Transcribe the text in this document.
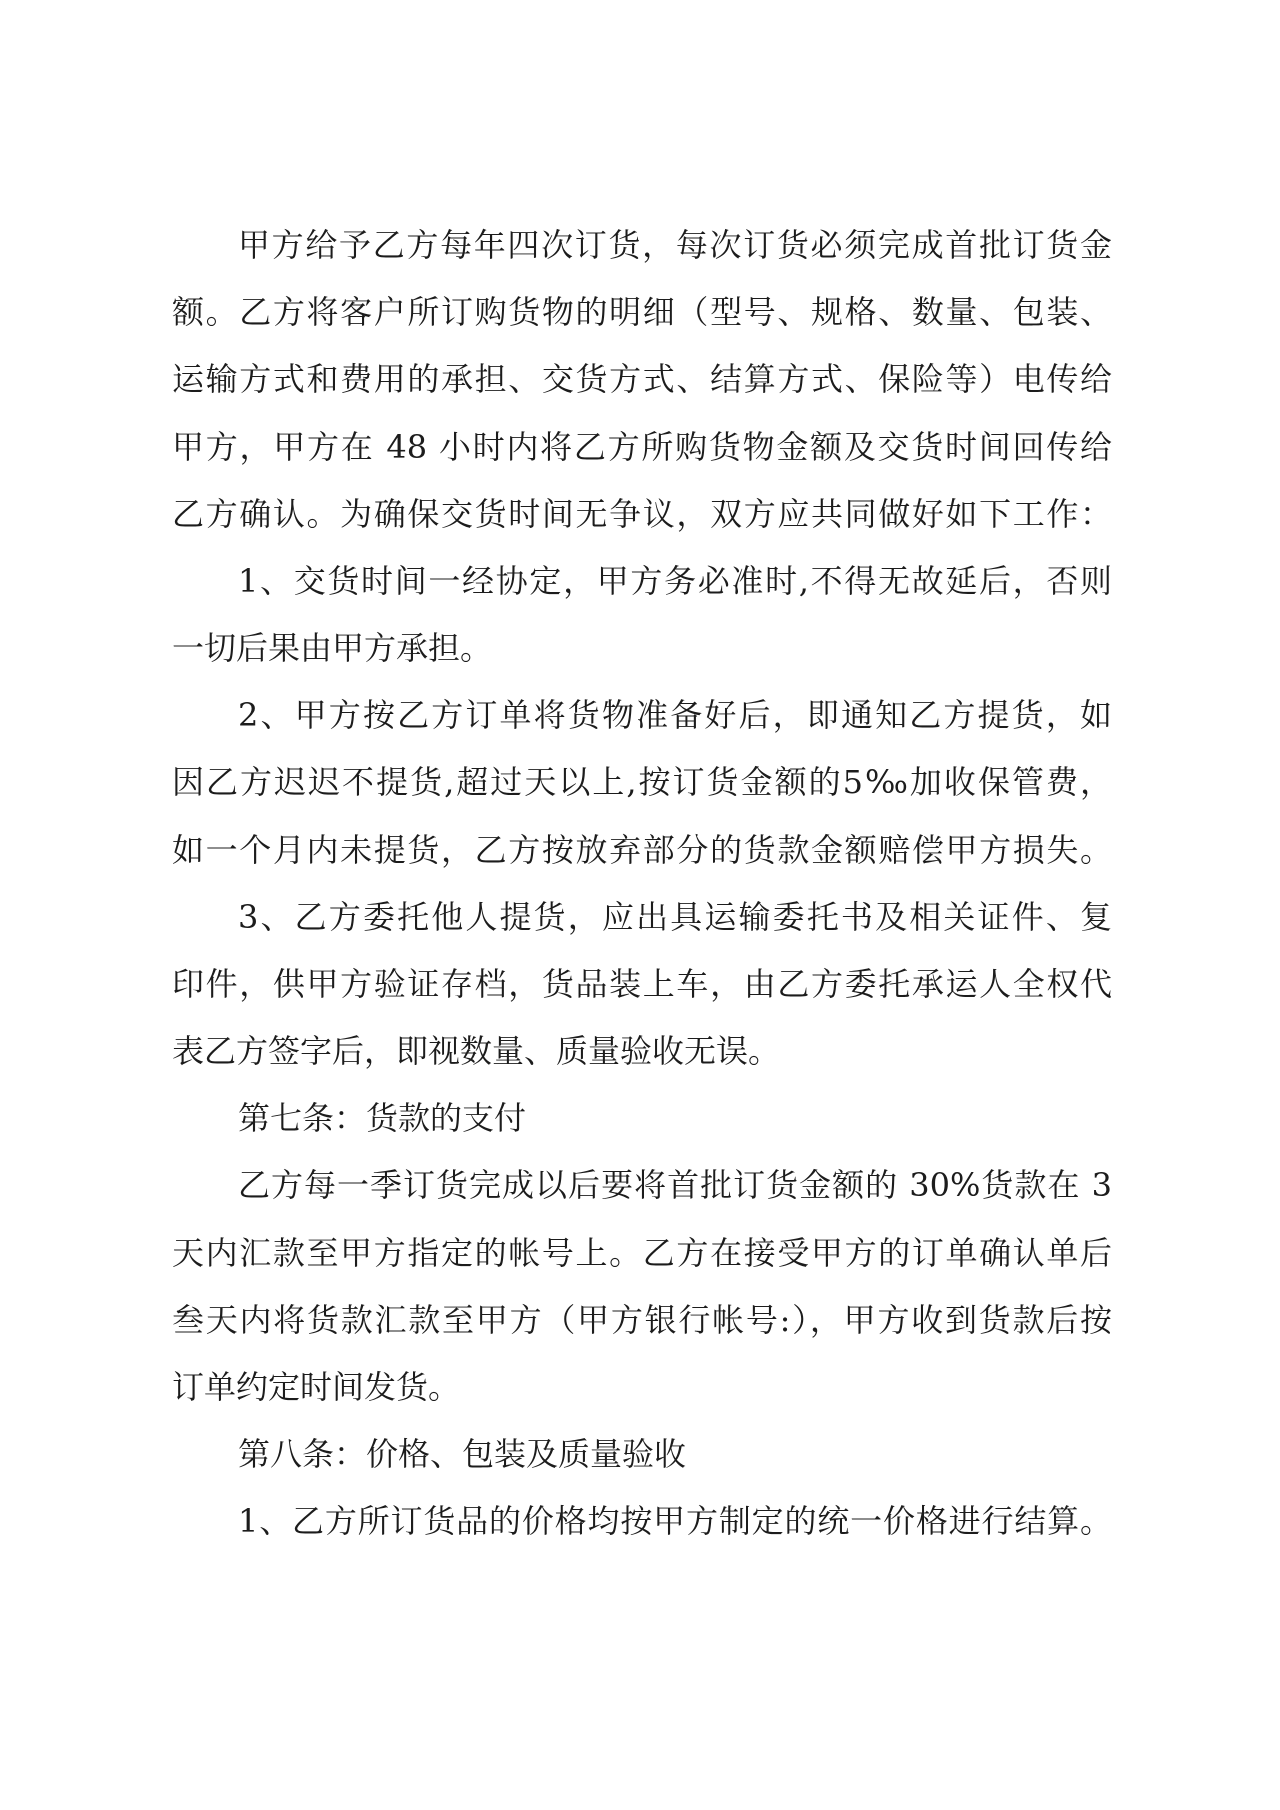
甲方给予乙方每年四次订货，每次订货必须完成首批订货金
额。乙方将客户所订购货物的明细（型号、规格、数量、包装、
运输方式和费用的承担、交货方式、结算方式、保险等）电传给
甲方，甲方在 48 小时内将乙方所购货物金额及交货时间回传给
乙方确认。为确保交货时间无争议，双方应共同做好如下工作：
1、交货时间一经协定，甲方务必准时,不得无故延后，否则
一切后果由甲方承担。
2、甲方按乙方订单将货物准备好后，即通知乙方提货，如
因乙方迟迟不提货,超过天以上,按订货金额的5‰加收保管费，
如一个月内未提货，乙方按放弃部分的货款金额赔偿甲方损失。
3、乙方委托他人提货，应出具运输委托书及相关证件、复
印件，供甲方验证存档，货品装上车，由乙方委托承运人全权代
表乙方签字后，即视数量、质量验收无误。
第七条：货款的支付
乙方每一季订货完成以后要将首批订货金额的 30%货款在 3
天内汇款至甲方指定的帐号上。乙方在接受甲方的订单确认单后
叁天内将货款汇款至甲方（甲方银行帐号:），甲方收到货款后按
订单约定时间发货。
第八条：价格、包装及质量验收
1、乙方所订货品的价格均按甲方制定的统一价格进行结算。
